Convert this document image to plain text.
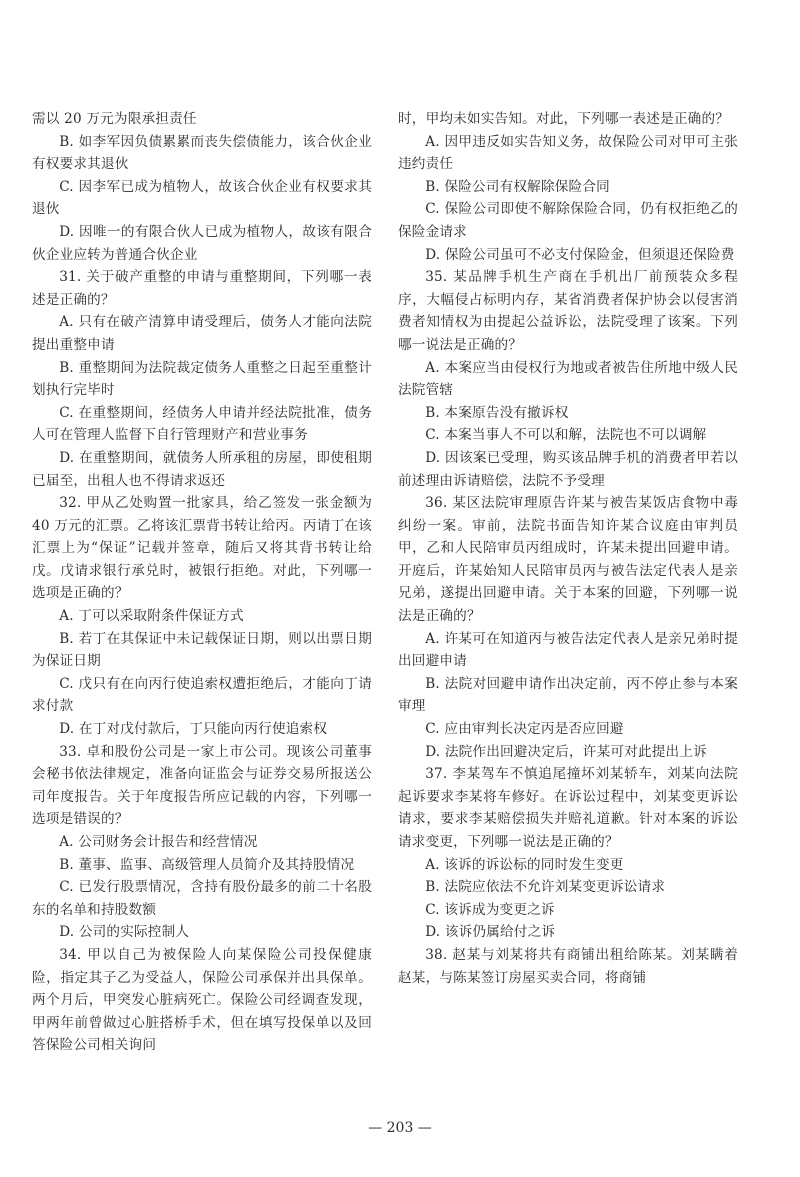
需以 20 万元为限承担责任

B. 如李军因负债累累而丧失偿债能力，该合伙企业有权要求其退伙

C. 因李军已成为植物人，故该合伙企业有权要求其退伙

D. 因唯一的有限合伙人已成为植物人，故该有限合伙企业应转为普通合伙企业

31. 关于破产重整的申请与重整期间，下列哪一表述是正确的？

A. 只有在破产清算申请受理后，债务人才能向法院提出重整申请

B. 重整期间为法院裁定债务人重整之日起至重整计划执行完毕时

C. 在重整期间，经债务人申请并经法院批准，债务人可在管理人监督下自行管理财产和营业事务

D. 在重整期间，就债务人所承租的房屋，即使租期已届至，出租人也不得请求返还

32. 甲从乙处购置一批家具，给乙签发一张金额为 40 万元的汇票。乙将该汇票背书转让给丙。丙请丁在该汇票上为“保证”记载并签章，随后又将其背书转让给戊。戊请求银行承兑时，被银行拒绝。对此，下列哪一选项是正确的？

A. 丁可以采取附条件保证方式

B. 若丁在其保证中未记载保证日期，则以出票日期为保证日期

C. 戊只有在向丙行使追索权遭拒绝后，才能向丁请求付款

D. 在丁对戊付款后，丁只能向丙行使追索权

33. 卓和股份公司是一家上市公司。现该公司董事会秘书依法律规定，准备向证监会与证券交易所报送公司年度报告。关于年度报告所应记载的内容，下列哪一选项是错误的？

A. 公司财务会计报告和经营情况

B. 董事、监事、高级管理人员简介及其持股情况

C. 已发行股票情况，含持有股份最多的前二十名股东的名单和持股数额

D. 公司的实际控制人

34. 甲以自己为被保险人向某保险公司投保健康险，指定其子乙为受益人，保险公司承保并出具保单。两个月后，甲突发心脏病死亡。保险公司经调查发现，甲两年前曾做过心脏搭桥手术，但在填写投保单以及回答保险公司相关询问

时，甲均未如实告知。对此，下列哪一表述是正确的？

A. 因甲违反如实告知义务，故保险公司对甲可主张违约责任

B. 保险公司有权解除保险合同

C. 保险公司即使不解除保险合同，仍有权拒绝乙的保险金请求

D. 保险公司虽可不必支付保险金，但须退还保险费

35. 某品牌手机生产商在手机出厂前预装众多程序，大幅侵占标明内存，某省消费者保护协会以侵害消费者知情权为由提起公益诉讼，法院受理了该案。下列哪一说法是正确的？

A. 本案应当由侵权行为地或者被告住所地中级人民法院管辖

B. 本案原告没有撤诉权

C. 本案当事人不可以和解，法院也不可以调解

D. 因该案已受理，购买该品牌手机的消费者甲若以前述理由诉请赔偿，法院不予受理

36. 某区法院审理原告许某与被告某饭店食物中毒纠纷一案。审前，法院书面告知许某合议庭由审判员甲，乙和人民陪审员丙组成时，许某未提出回避申请。开庭后，许某始知人民陪审员丙与被告法定代表人是亲兄弟，遂提出回避申请。关于本案的回避，下列哪一说法是正确的？

A. 许某可在知道丙与被告法定代表人是亲兄弟时提出回避申请

B. 法院对回避申请作出决定前，丙不停止参与本案审理

C. 应由审判长决定丙是否应回避

D. 法院作出回避决定后，许某可对此提出上诉

37. 李某驾车不慎追尾撞坏刘某轿车，刘某向法院起诉要求李某将车修好。在诉讼过程中，刘某变更诉讼请求，要求李某赔偿损失并赔礼道歉。针对本案的诉讼请求变更，下列哪一说法是正确的？

A. 该诉的诉讼标的同时发生变更

B. 法院应依法不允许刘某变更诉讼请求

C. 该诉成为变更之诉

D. 该诉仍属给付之诉

38. 赵某与刘某将共有商铺出租给陈某。刘某瞒着赵某，与陈某签订房屋买卖合同，将商铺

— 203 —
